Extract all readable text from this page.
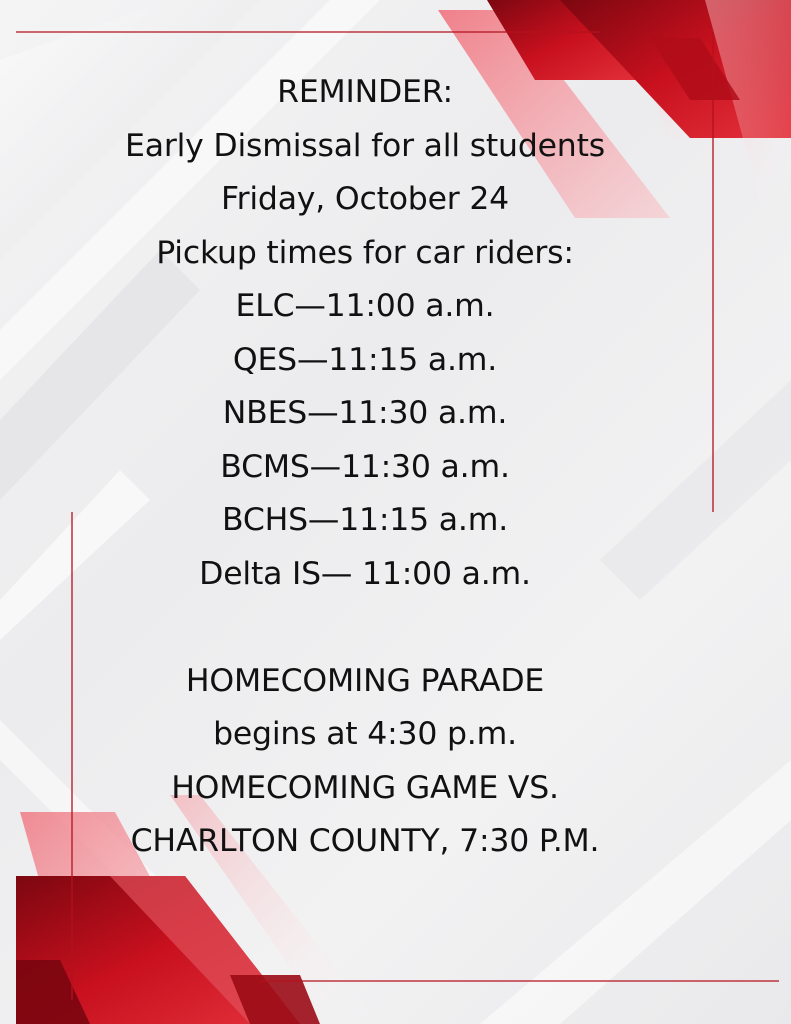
REMINDER:
Early Dismissal for all students
Friday, October 24
Pickup times for car riders:
ELC—11:00 a.m.
QES—11:15 a.m.
NBES—11:30 a.m.
BCMS—11:30 a.m.
BCHS—11:15 a.m.
Delta IS— 11:00 a.m.
HOMECOMING PARADE
begins at 4:30 p.m.
HOMECOMING GAME VS.
CHARLTON COUNTY, 7:30 P.M.
